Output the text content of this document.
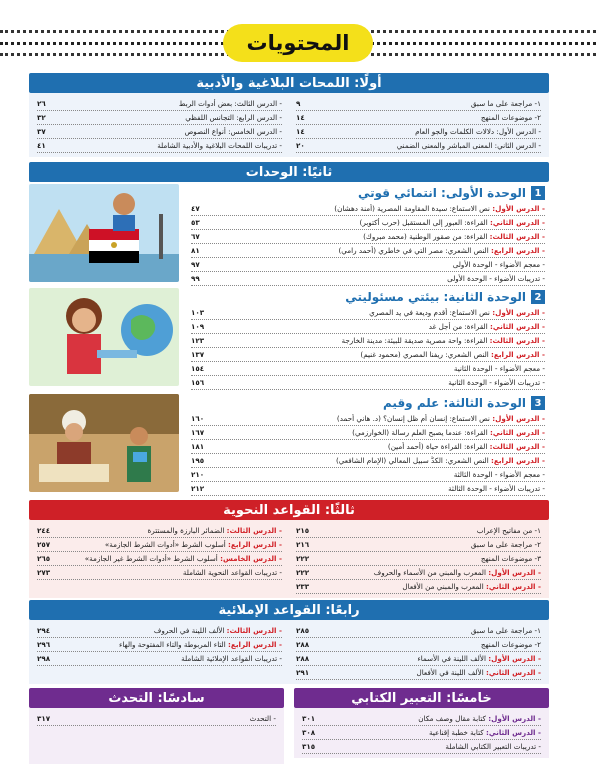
المحتويات
أولًا: اللمحات البلاغية والأدبية
١- مراجعة على ما سبق
٩
٢- موضوعات المنهج
١٤
- الدرس الأول: دلالات الكلمات والجو العام
١٤
- الدرس الثاني: المعنى المباشر والمعنى الضمني
٢٠
- الدرس الثالث: بعض أدوات الربط
٢٦
- الدرس الرابع: التجانس اللفظي
٣٢
- الدرس الخامس: أنواع النصوص
٣٧
- تدريبات اللمحات البلاغية والأدبية الشاملة
٤١
ثانيًا: الوحدات
1
الوحدة الأولى: انتمائي قوتي
- الدرس الأول: نص الاستماع: سيدة المقاومة المصرية (أمنة دهشان)
٤٧
- الدرس الثاني: القراءة: العبور إلى المستقبل (حرب أكتوبر)
٥٣
- الدرس الثالث: القراءة: من صقور الوطنية (محمد مبروك)
٦٧
- الدرس الرابع: النص الشعري: مصر التي في خاطري (أحمد رامي)
٨١
- معجم الأضواء - الوحدة الأولى
٩٧
- تدريبات الأضواء - الوحدة الأولى
٩٩
2
الوحدة الثانية: بيئتي مسئوليتي
- الدرس الأول: نص الاستماع: أقدم وديعة في يد المصري
١٠٣
- الدرس الثاني: القراءة: من أجل غد
١٠٩
- الدرس الثالث: القراءة: واحة مصرية صديقة للبيئة: مدينة الخارجة
١٢٣
- الدرس الرابع: النص الشعري: ريفنا المصري (محمود غنيم)
١٣٧
- معجم الأضواء - الوحدة الثانية
١٥٤
- تدريبات الأضواء - الوحدة الثانية
١٥٦
3
الوحدة الثالثة: علم وقيم
- الدرس الأول: نص الاستماع: إنسان أم ظل إنسان؟ (د. هاني أحمد)
١٦٠
- الدرس الثاني: القراءة: عندما يصبح العلم رسالة (الخوارزمي)
١٦٧
- الدرس الثالث: القراءة: القراءة حياة (أحمد أمين)
١٨١
- الدرس الرابع: النص الشعري: الكدُّ سبيل المعالي (الإمام الشافعي)
١٩٥
- معجم الأضواء - الوحدة الثالثة
٢١٠
- تدريبات الأضواء - الوحدة الثالثة
٢١٢
ثالثًا: القواعد النحوية
١- من مفاتيح الإعراب
٢١٥
٢- مراجعة على ما سبق
٢١٦
٣- موضوعات المنهج
٢٢٢
- الدرس الأول: المعرب والمبني من الأسماء والحروف
٢٢٢
- الدرس الثاني: المعرب والمبني من الأفعال
٢٣٣
- الدرس الثالث: الضمائر البارزة والمستترة
٢٤٤
- الدرس الرابع: أسلوب الشرط «أدوات الشرط الجازمة»
٢٥٧
- الدرس الخامس: أسلوب الشرط «أدوات الشرط غير الجازمة»
٢٦٥
- تدريبات القواعد النحوية الشاملة
٢٧٣
رابعًا: القواعد الإملائية
١- مراجعة على ما سبق
٢٨٥
٢- موضوعات المنهج
٢٨٨
- الدرس الأول: الألف اللينة في الأسماء
٢٨٨
- الدرس الثاني: الألف اللينة في الأفعال
٢٩١
- الدرس الثالث: الألف اللينة في الحروف
٢٩٤
- الدرس الرابع: التاء المربوطة والتاء المفتوحة والهاء
٢٩٦
- تدريبات القواعد الإملائية الشاملة
٢٩٨
خامسًا: التعبير الكتابي
- الدرس الأول: كتابة مقال وصف مكان
٣٠١
- الدرس الثاني: كتابة خطبة إقناعية
٣٠٨
- تدريبات التعبير الكتابي الشاملة
٣١٥
سادسًا: التحدث
- التحدث
٣١٧
